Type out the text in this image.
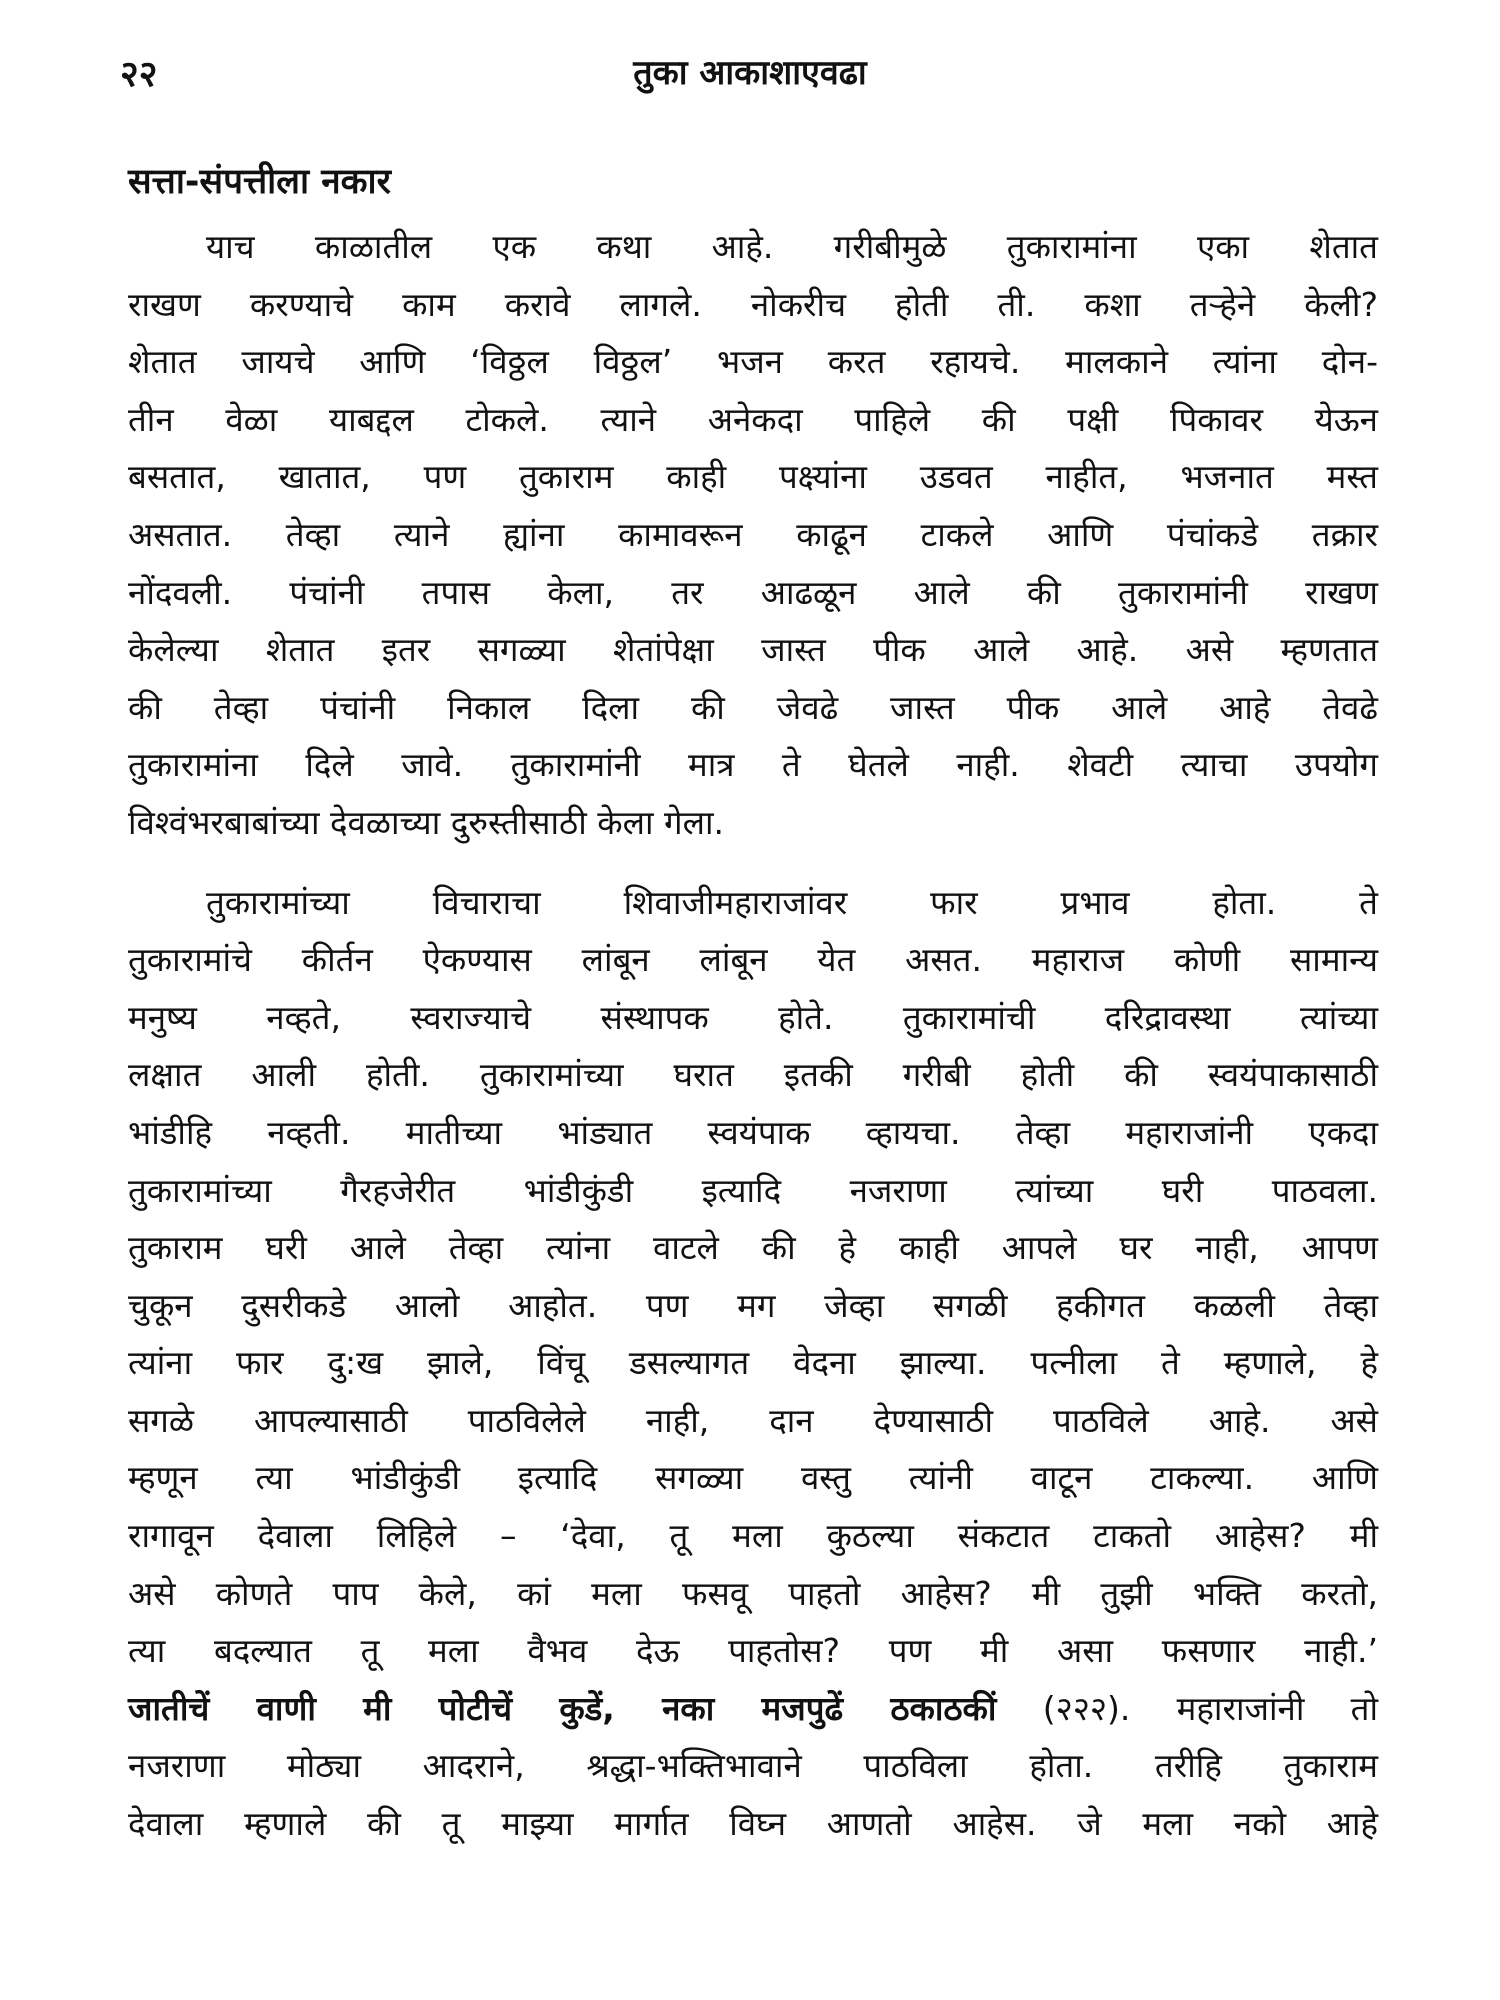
तुका आकाशाएवढा
२२
सत्ता-संपत्तीला नकार

याच काळातील एक कथा आहे. गरीबीमुळे तुकारामांना एका शेतात
राखण करण्याचे काम करावे लागले. नोकरीच होती ती. कशा तऱ्हेने केली?
शेतात जायचे आणि ‘विठ्ठल विठ्ठल’ भजन करत रहायचे. मालकाने त्यांना दोन-
तीन वेळा याबद्दल टोकले. त्याने अनेकदा पाहिले की पक्षी पिकावर येऊन
बसतात, खातात, पण तुकाराम काही पक्ष्यांना उडवत नाहीत, भजनात मस्त
असतात. तेव्हा त्याने ह्यांना कामावरून काढून टाकले आणि पंचांकडे तक्रार
नोंदवली. पंचांनी तपास केला, तर आढळून आले की तुकारामांनी राखण
केलेल्या शेतात इतर सगळ्या शेतांपेक्षा जास्त पीक आले आहे. असे म्हणतात
की तेव्हा पंचांनी निकाल दिला की जेवढे जास्त पीक आले आहे तेवढे
तुकारामांना दिले जावे. तुकारामांनी मात्र ते घेतले नाही. शेवटी त्याचा उपयोग
विश्वंभरबाबांच्या देवळाच्या दुरुस्तीसाठी केला गेला.

तुकारामांच्या विचाराचा शिवाजीमहाराजांवर फार प्रभाव होता. ते
तुकारामांचे कीर्तन ऐकण्यास लांबून लांबून येत असत. महाराज कोणी सामान्य
मनुष्य नव्हते, स्वराज्याचे संस्थापक होते. तुकारामांची दरिद्रावस्था त्यांच्या
लक्षात आली होती. तुकारामांच्या घरात इतकी गरीबी होती की स्वयंपाकासाठी
भांडीहि नव्हती. मातीच्या भांड्यात स्वयंपाक व्हायचा. तेव्हा महाराजांनी एकदा
तुकारामांच्या गैरहजेरीत भांडीकुंडी इत्यादि नजराणा त्यांच्या घरी पाठवला.
तुकाराम घरी आले तेव्हा त्यांना वाटले की हे काही आपले घर नाही, आपण
चुकून दुसरीकडे आलो आहोत. पण मग जेव्हा सगळी हकीगत कळली तेव्हा
त्यांना फार दु:ख झाले, विंचू डसल्यागत वेदना झाल्या. पत्नीला ते म्हणाले, हे
सगळे आपल्यासाठी पाठविलेले नाही, दान देण्यासाठी पाठविले आहे. असे
म्हणून त्या भांडीकुंडी इत्यादि सगळ्या वस्तु त्यांनी वाटून टाकल्या. आणि
रागावून देवाला लिहिले – ‘देवा, तू मला कुठल्या संकटात टाकतो आहेस? मी
असे कोणते पाप केले, कां मला फसवू पाहतो आहेस? मी तुझी भक्ति करतो,
त्या बदल्यात तू मला वैभव देऊ पाहतोस? पण मी असा फसणार नाही.’
जातीचें वाणी मी पोटीचें कुडें, नका मजपुढें ठकाठकीं (२२२). महाराजांनी तो
नजराणा मोठ्या आदराने, श्रद्धा-भक्तिभावाने पाठविला होता. तरीहि तुकाराम
देवाला म्हणाले की तू माझ्या मार्गात विघ्न आणतो आहेस. जे मला नको आहे
